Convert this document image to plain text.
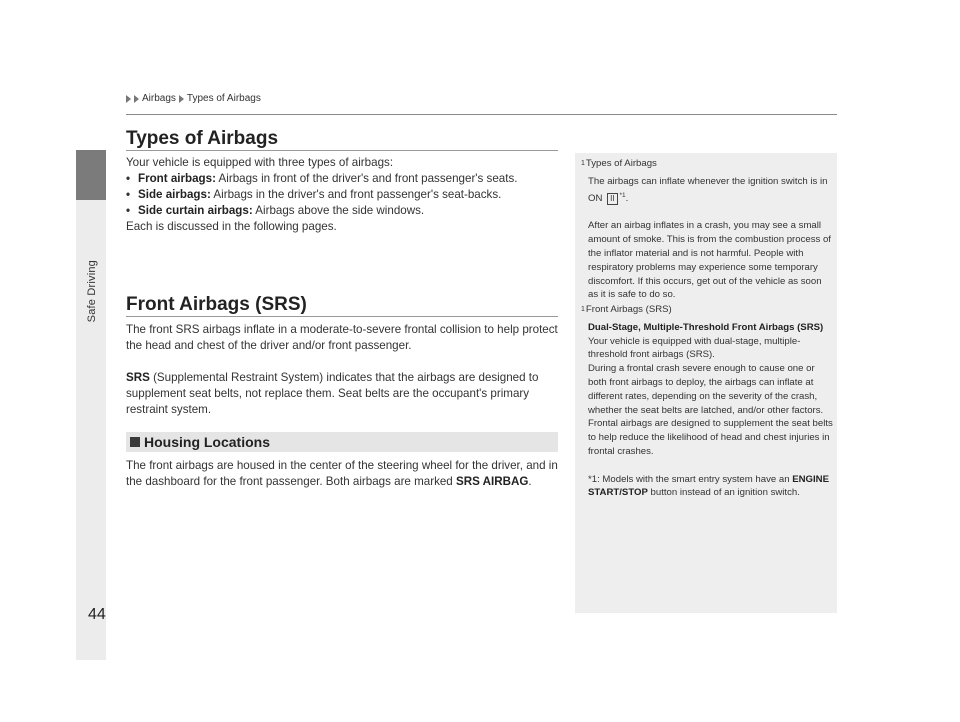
Safe Driving
44
Airbags Types of Airbags
Types of Airbags

Your vehicle is equipped with three types of airbags:

• Front airbags: Airbags in front of the driver's and front passenger's seats.
• Side airbags: Airbags in the driver's and front passenger's seat-backs.
• Side curtain airbags: Airbags above the side windows.

Each is discussed in the following pages.

Front Airbags (SRS)

The front SRS airbags inflate in a moderate-to-severe frontal collision to help protect the head and chest of the driver and/or front passenger.

SRS (Supplemental Restraint System) indicates that the airbags are designed to supplement seat belts, not replace them. Seat belts are the occupant's primary restraint system.

Housing Locations

The front airbags are housed in the center of the steering wheel for the driver, and in the dashboard for the front passenger. Both airbags are marked SRS AIRBAG.

1 Types of Airbags

The airbags can inflate whenever the ignition switch is in ON II $^{*1}$.

After an airbag inflates in a crash, you may see a small amount of smoke. This is from the combustion process of the inflator material and is not harmful. People with respiratory problems may experience some temporary discomfort. If this occurs, get out of the vehicle as soon as it is safe to do so.

1 Front Airbags (SRS)

Dual-Stage, Multiple-Threshold Front Airbags (SRS)

Your vehicle is equipped with dual-stage, multiple-threshold front airbags (SRS).

During a frontal crash severe enough to cause one or both front airbags to deploy, the airbags can inflate at different rates, depending on the severity of the crash, whether the seat belts are latched, and/or other factors. Frontal airbags are designed to supplement the seat belts to help reduce the likelihood of head and chest injuries in frontal crashes.

*1: Models with the smart entry system have an ENGINE START/STOP button instead of an ignition switch.
